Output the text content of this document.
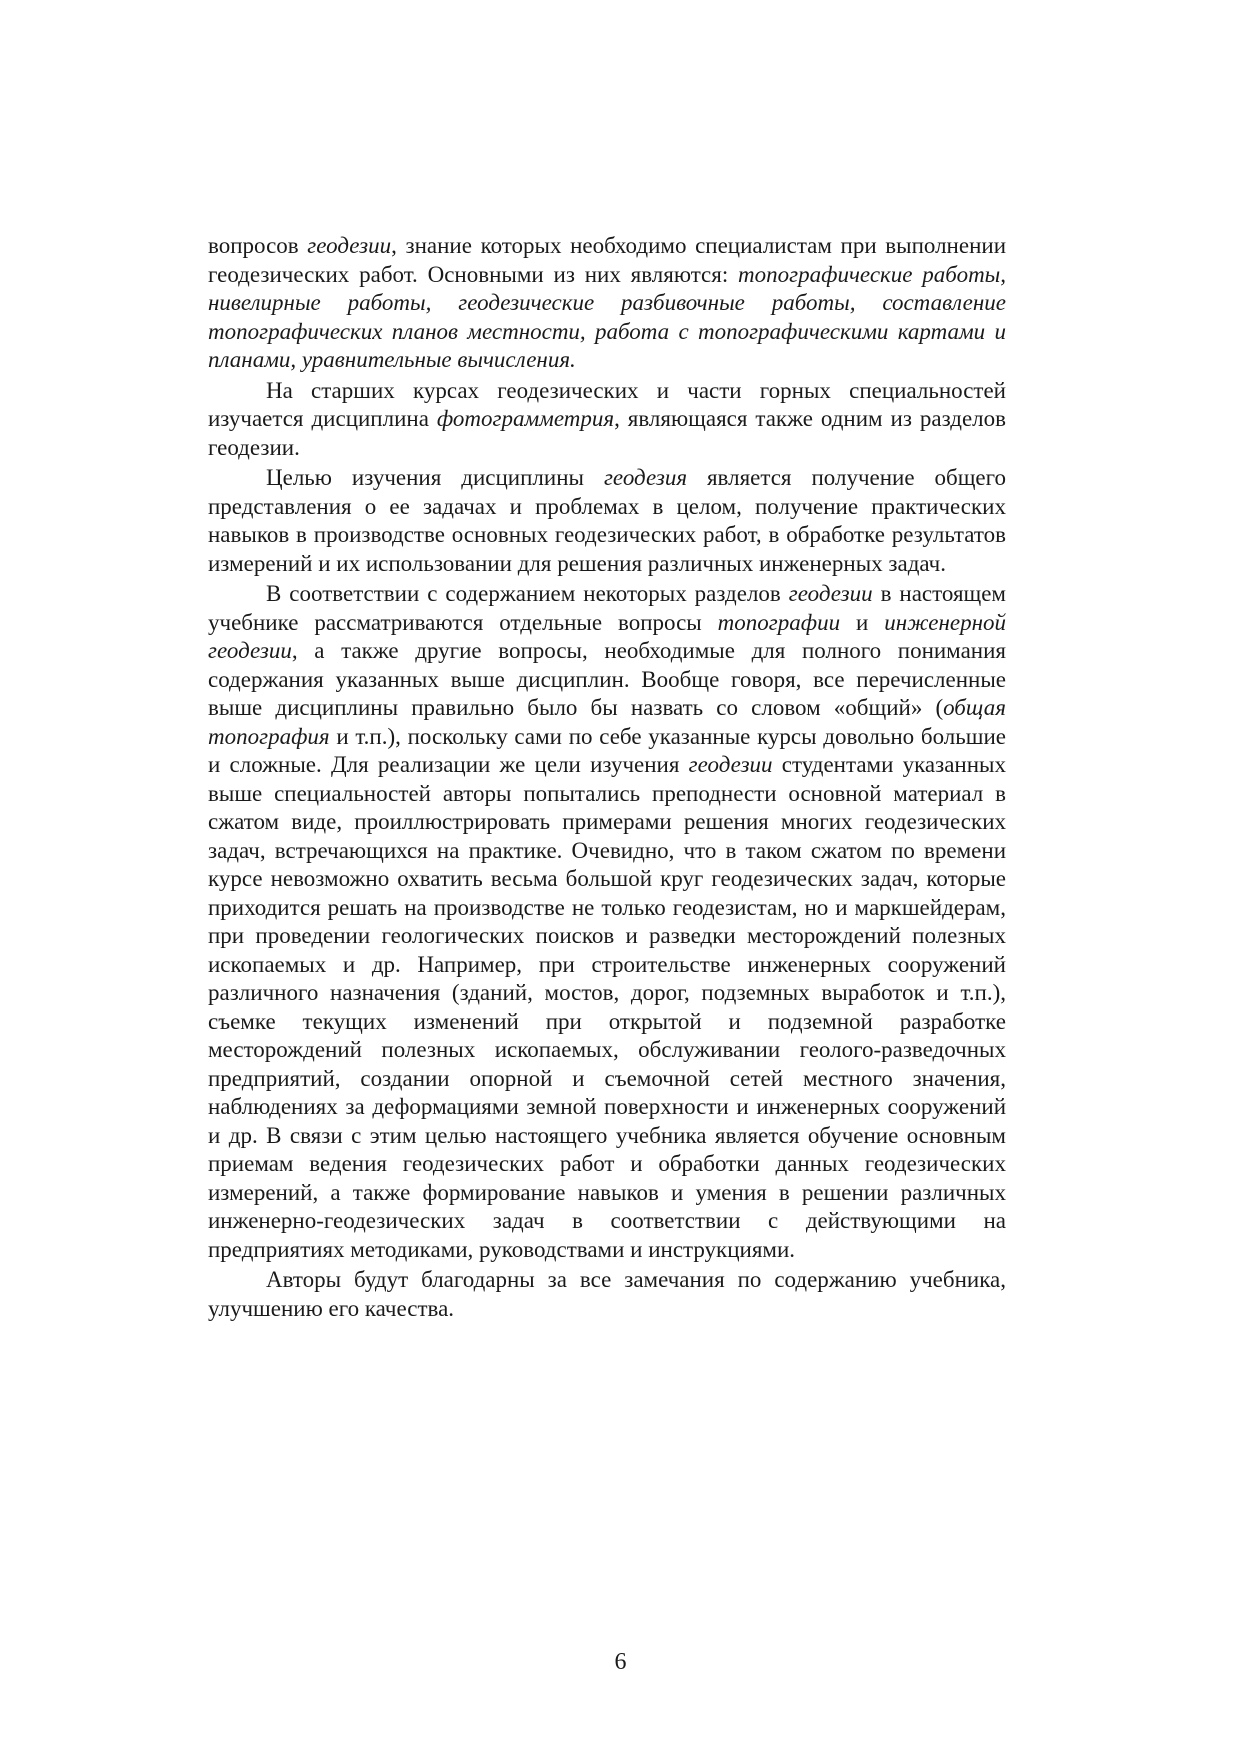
вопросов геодезии, знание которых необходимо специалистам при выполнении геодезических работ. Основными из них являются: топографические работы, нивелирные работы, геодезические разбивочные работы, составление топографических планов местности, работа с топографическими картами и планами, уравнительные вычисления.

На старших курсах геодезических и части горных специальностей изучается дисциплина фотограмметрия, являющаяся также одним из разделов геодезии.

Целью изучения дисциплины геодезия является получение общего представления о ее задачах и проблемах в целом, получение практических навыков в производстве основных геодезических работ, в обработке результатов измерений и их использовании для решения различных инженерных задач.

В соответствии с содержанием некоторых разделов геодезии в настоящем учебнике рассматриваются отдельные вопросы топографии и инженерной геодезии, а также другие вопросы, необходимые для полного понимания содержания указанных выше дисциплин. Вообще говоря, все перечисленные выше дисциплины правильно было бы назвать со словом «общий» (общая топография и т.п.), поскольку сами по себе указанные курсы довольно большие и сложные. Для реализации же цели изучения геодезии студентами указанных выше специальностей авторы попытались преподнести основной материал в сжатом виде, проиллюстрировать примерами решения многих геодезических задач, встречающихся на практике. Очевидно, что в таком сжатом по времени курсе невозможно охватить весьма большой круг геодезических задач, которые приходится решать на производстве не только геодезистам, но и маркшейдерам, при проведении геологических поисков и разведки месторождений полезных ископаемых и др. Например, при строительстве инженерных сооружений различного назначения (зданий, мостов, дорог, подземных выработок и т.п.), съемке текущих изменений при открытой и подземной разработке месторождений полезных ископаемых, обслуживании геолого-разведочных предприятий, создании опорной и съемочной сетей местного значения, наблюдениях за деформациями земной поверхности и инженерных сооружений и др. В связи с этим целью настоящего учебника является обучение основным приемам ведения геодезических работ и обработки данных геодезических измерений, а также формирование навыков и умения в решении различных инженерно-геодезических задач в соответствии с действующими на предприятиях методиками, руководствами и инструкциями.

Авторы будут благодарны за все замечания по содержанию учебника, улучшению его качества.

6
